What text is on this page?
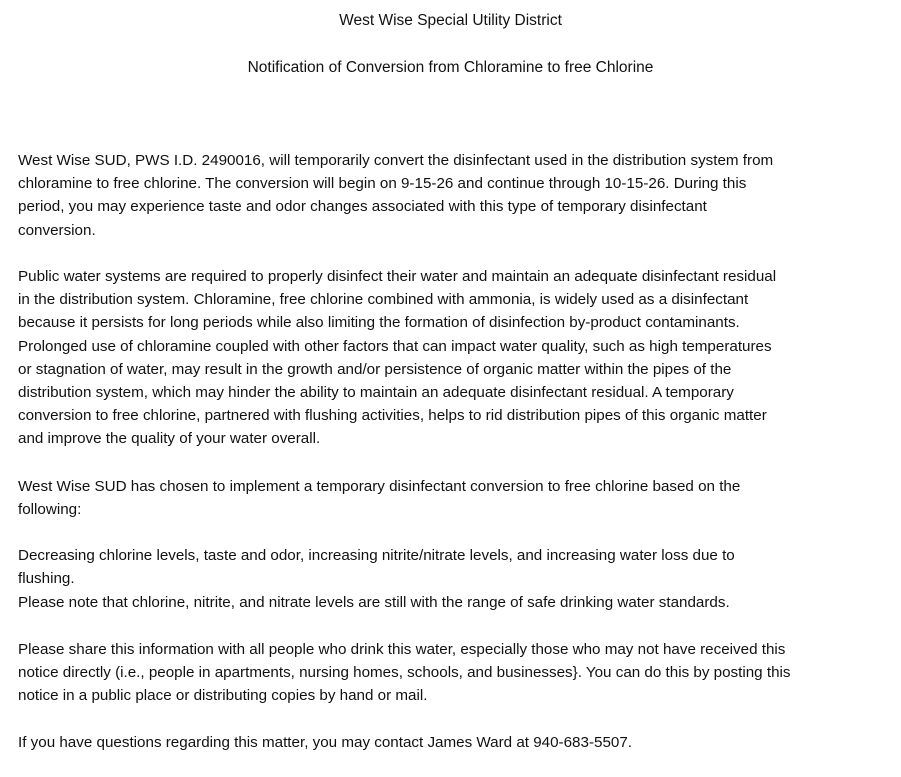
West Wise Special Utility District

Notification of Conversion from Chloramine to free Chlorine

West Wise SUD, PWS I.D. 2490016, will temporarily convert the disinfectant used in the distribution system from
chloramine to free chlorine. The conversion will begin on 9-15-26 and continue through 10-15-26. During this
period, you may experience taste and odor changes associated with this type of temporary disinfectant
conversion.

Public water systems are required to properly disinfect their water and maintain an adequate disinfectant residual
in the distribution system. Chloramine, free chlorine combined with ammonia, is widely used as a disinfectant
because it persists for long periods while also limiting the formation of disinfection by-product contaminants.
Prolonged use of chloramine coupled with other factors that can impact water quality, such as high temperatures
or stagnation of water, may result in the growth and/or persistence of organic matter within the pipes of the
distribution system, which may hinder the ability to maintain an adequate disinfectant residual. A temporary
conversion to free chlorine, partnered with flushing activities, helps to rid distribution pipes of this organic matter
and improve the quality of your water overall.

West Wise SUD has chosen to implement a temporary disinfectant conversion to free chlorine based on the
following:

Decreasing chlorine levels, taste and odor, increasing nitrite/nitrate levels, and increasing water loss due to
flushing.

Please note that chlorine, nitrite, and nitrate levels are still with the range of safe drinking water standards.

Please share this information with all people who drink this water, especially those who may not have received this
notice directly (i.e., people in apartments, nursing homes, schools, and businesses}. You can do this by posting this
notice in a public place or distributing copies by hand or mail.

If you have questions regarding this matter, you may contact James Ward at 940-683-5507.
